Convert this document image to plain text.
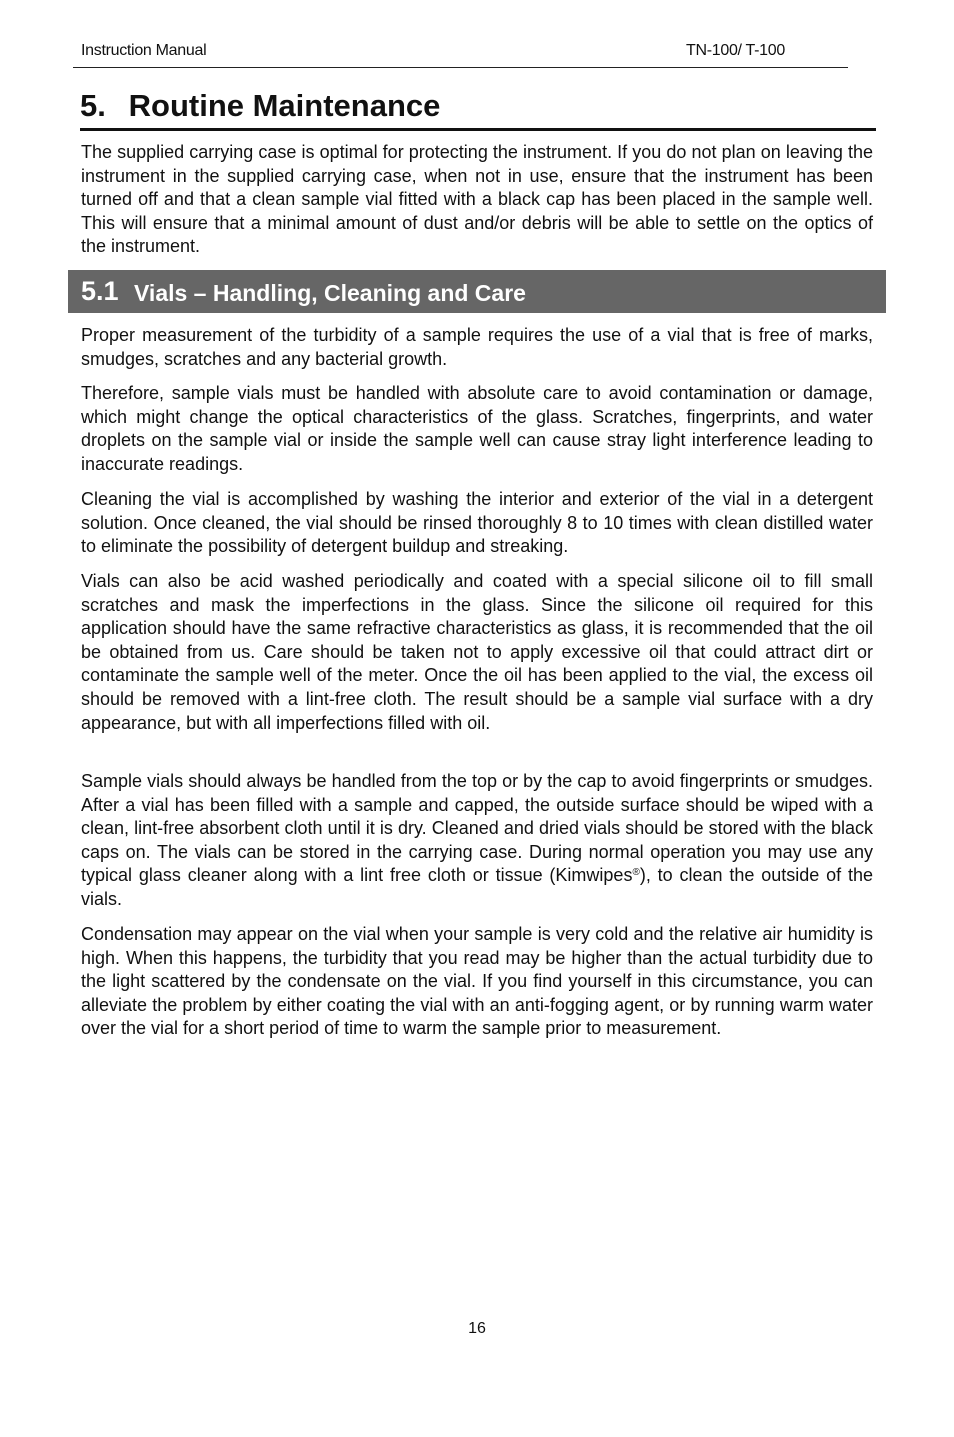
Instruction Manual	TN-100/ T-100
5. Routine Maintenance

The supplied carrying case is optimal for protecting the instrument. If you do not plan on leaving the instrument in the supplied carrying case, when not in use, ensure that the instrument has been turned off and that a clean sample vial fitted with a black cap has been placed in the sample well. This will ensure that a minimal amount of dust and/or debris will be able to settle on the optics of the instrument.

5.1 Vials – Handling, Cleaning and Care

Proper measurement of the turbidity of a sample requires the use of a vial that is free of marks, smudges, scratches and any bacterial growth.

Therefore, sample vials must be handled with absolute care to avoid contamination or damage, which might change the optical characteristics of the glass. Scratches, fingerprints, and water droplets on the sample vial or inside the sample well can cause stray light interference leading to inaccurate readings.

Cleaning the vial is accomplished by washing the interior and exterior of the vial in a detergent solution. Once cleaned, the vial should be rinsed thoroughly 8 to 10 times with clean distilled water to eliminate the possibility of detergent buildup and streaking.

Vials can also be acid washed periodically and coated with a special silicone oil to fill small scratches and mask the imperfections in the glass. Since the silicone oil required for this application should have the same refractive characteristics as glass, it is recommended that the oil be obtained from us. Care should be taken not to apply excessive oil that could attract dirt or contaminate the sample well of the meter. Once the oil has been applied to the vial, the excess oil should be removed with a lint-free cloth. The result should be a sample vial surface with a dry appearance, but with all imperfections filled with oil.

Sample vials should always be handled from the top or by the cap to avoid fingerprints or smudges. After a vial has been filled with a sample and capped, the outside surface should be wiped with a clean, lint-free absorbent cloth until it is dry. Cleaned and dried vials should be stored with the black caps on. The vials can be stored in the carrying case. During normal operation you may use any typical glass cleaner along with a lint free cloth or tissue (Kimwipes®), to clean the outside of the vials.

Condensation may appear on the vial when your sample is very cold and the relative air humidity is high. When this happens, the turbidity that you read may be higher than the actual turbidity due to the light scattered by the condensate on the vial. If you find yourself in this circumstance, you can alleviate the problem by either coating the vial with an anti-fogging agent, or by running warm water over the vial for a short period of time to warm the sample prior to measurement.

16
